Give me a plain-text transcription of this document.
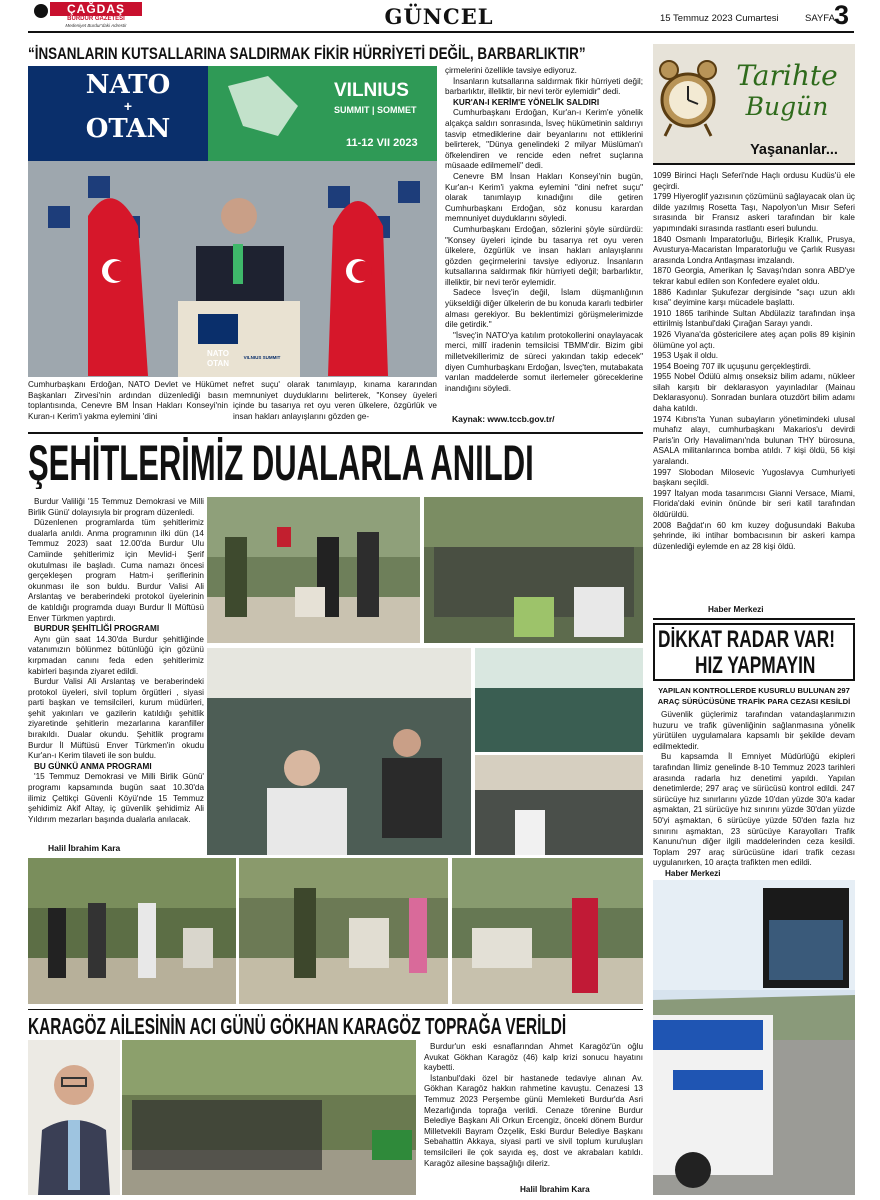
ÇAĞDAŞ
BURDUR GAZETESİ
Medeniyet Burdur'daki Adrestir	GÜNCEL	15 Temmuz 2023 Cumartesi	SAYFA 3
“İNSANLARIN KUTSALLARINA SALDIRMAK FİKİR HÜRRİYETİ DEĞİL, BARBARLIKTIR”
NATO
+
OTAN
VILNIUS
SUMMIT | SOMMET
11-12 VII 2023
NATO
OTAN
VILNIUS SUMMIT
Cumhurbaşkanı Erdoğan, NATO Devlet ve Hükümet Başkanları Zirvesi'nin ardından düzenlediği basın toplantısında, Cenevre BM İnsan Hakları Konseyi'nin Kuran-ı Kerim'i yakma eylemini 'dini
nefret suçu' olarak tanımlayıp, kınama kararından memnuniyet duyduklarını belirterek, "Konsey üyeleri içinde bu tasarıya ret oyu veren ülkelere, özgürlük ve insan hakları anlayışlarını gözden ge-

çirmelerini özellikle tavsiye ediyoruz.

İnsanların kutsallarına saldırmak fikir hürriyeti değil; barbarlıktır, illeliktir, bir nevi terör eylemidir" dedi.

KUR'AN-I KERİM'E YÖNELİK SALDIRI

Cumhurbaşkanı Erdoğan, Kur'an-ı Kerim'e yönelik alçakça saldırı sonrasında, İsveç hükümetinin saldırıyı tasvip etmediklerine dair beyanlarını not ettiklerini belirterek, "Dünya genelindeki 2 milyar Müslüman'ı öfkelendiren ve rencide eden nefret suçlarına müsaade edilmemeli" dedi.

Cenevre BM İnsan Hakları Konseyi'nin bugün, Kur'an-ı Kerim'i yakma eylemini "dini nefret suçu" olarak tanımlayıp kınadığını dile getiren Cumhurbaşkanı Erdoğan, söz konusu karardan memnuniyet duyduklarını söyledi.

Cumhurbaşkanı Erdoğan, sözlerini şöyle sürdürdü: "Konsey üyeleri içinde bu tasarıya ret oyu veren ülkelere, özgürlük ve insan hakları anlayışlarını gözden geçirmelerini tavsiye ediyoruz. İnsanların kutsallarına saldırmak fikir hürriyeti değil; barbarlıktır, illeliktir, bir nevi terör eylemidir.

Sadece İsveç'in değil, İslam düşmanlığının yükseldiği diğer ülkelerin de bu konuda kararlı tedbirler alması gerekiyor. Bu beklentimizi görüşmelerimizde dile getirdik."

"İsveç'in NATO'ya katılım protokollerini onaylayacak merci, millî iradenin temsilcisi TBMM'dir. Bizim gibi milletvekillerimiz de süreci yakından takip edecek" diyen Cumhurbaşkanı Erdoğan, İsveç'ten, mutabakata varılan maddelerde somut ilerlemeler göreceklerine inandığını söyledi.

Kaynak: www.tccb.gov.tr/
Tarihte
Bugün
Yaşananlar...

1099 Birinci Haçlı Seferi'nde Haçlı ordusu Kudüs'ü ele geçirdi.

1799 Hiyeroglif yazısının çözümünü sağlayacak olan üç dilde yazılmış Rosetta Taşı, Napolyon'un Mısır Seferi sırasında bir Fransız askeri tarafından bir kale yapımındaki sırasında rastlantı eseri bulundu.

1840 Osmanlı İmparatorluğu, Birleşik Krallık, Prusya, Avusturya-Macaristan İmparatorluğu ve Çarlık Rusyası arasında Londra Antlaşması imzalandı.

1870 Georgia, Amerikan İç Savaşı'ndan sonra ABD'ye tekrar kabul edilen son Konfedere eyalet oldu.

1886 Kadınlar Şukufezar dergisinde "saçı uzun aklı kısa" deyimine karşı mücadele başlattı.

1910 1865 tarihinde Sultan Abdülaziz tarafından inşa ettirilmiş İstanbul'daki Çırağan Sarayı yandı.

1926 Viyana'da göstericilere ateş açan polis 89 kişinin ölümüne yol açtı.

1953 Uşak il oldu.

1954 Boeing 707 ilk uçuşunu gerçekleştirdi.

1955 Nobel Ödülü almış onseksiz bilim adamı, nükleer silah karşıtı bir deklarasyon yayınladılar (Mainau Deklarasyonu). Sonradan bunlara otuzdört bilim adamı daha katıldı.

1974 Kıbrıs'ta Yunan subayların yönetimindeki ulusal muhafız alayı, cumhurbaşkanı Makarios'u devirdi Paris'in Orly Havalimanı'nda bulunan THY bürosuna, ASALA militanlarınca bomba atıldı. 7 kişi öldü, 56 kişi yaralandı.

1997 Slobodan Milosevic Yugoslavya Cumhuriyeti başkanı seçildi.

1997 İtalyan moda tasarımcısı Gianni Versace, Miami, Florida'daki evinin önünde bir seri katil tarafından öldürüldü.

2008 Bağdat'ın 60 km kuzey doğusundaki Bakuba şehrinde, iki intihar bombacısının bir askeri kampa düzenlediği eylemde en az 28 kişi öldü.

Haber Merkezi
ŞEHİTLERİMİZ DUALARLA ANILDI

Burdur Valiliği '15 Temmuz Demokrasi ve Milli Birlik Günü' dolayısıyla bir program düzenledi.

Düzenlenen programlarda tüm şehitlerimiz dualarla anıldı. Anma programının ilki dün (14 Temmuz 2023) saat 12.00'da Burdur Ulu Camiinde şehitlerimiz için Mevlid-i Şerif okutulması ile başladı. Cuma namazı öncesi gerçekleşen program Hatm-i şeriflerinin okunması ile son buldu. Burdur Valisi Ali Arslantaş ve beraberindeki protokol üyelerinin de katıldığı programda duayı Burdur İl Müftüsü Enver Türkmen yaptırdı.

BURDUR ŞEHİTLİĞİ PROGRAMI

Aynı gün saat 14.30'da Burdur şehitliğinde vatanımızın bölünmez bütünlüğü için gözünü kırpmadan canını feda eden şehitlerimiz kabirleri başında ziyaret edildi.

Burdur Valisi Ali Arslantaş ve beraberindeki protokol üyeleri, sivil toplum örgütleri , siyasi parti başkan ve temsilcileri, kurum müdürleri, şehit yakınları ve gazilerin katıldığı şehitlik ziyaretinde şehitlerin mezarlarına karanfiller bırakıldı. Dualar okundu. Şehitlik programı Burdur İl Müftüsü Enver Türkmen'in okudu Kur'an-ı Kerim tilaveti ile son buldu.

BU GÜNKÜ ANMA PROGRAMI

'15 Temmuz Demokrasi ve Milli Birlik Günü' programı kapsamında bugün saat 10.30'da ilimiz Çeltikçi Güvenli Köyü'nde 15 Temmuz şehidimiz Akif Altay, iç güvenlik şehidimiz Ali Yıldırım mezarları başında dualarla anılacak.

Halil İbrahim Kara
DİKKAT RADAR VAR!
HIZ YAPMAYIN
YAPILAN KONTROLLERDE KUSURLU BULUNAN 297 ARAÇ SÜRÜCÜSÜNE TRAFİK PARA CEZASI KESİLDİ

Güvenlik güçlerimiz tarafından vatandaşlarımızın huzuru ve trafik güvenliğinin sağlanmasına yönelik yürütülen uygulamalara kapsamlı bir şekilde devam edilmektedir.

Bu kapsamda İl Emniyet Müdürlüğü ekipleri tarafından İlimiz genelinde 8-10 Temmuz 2023 tarihleri arasında radarla hız denetimi yapıldı. Yapılan denetimlerde; 297 araç ve sürücüsü kontrol edildi. 247 sürücüye hız sınırlarını yüzde 10'dan yüzde 30'a kadar aşmaktan, 21 sürücüye hız sınırını yüzde 30'dan yüzde 50'yi aşmaktan, 6 sürücüye yüzde 50'den fazla hız sınırını aşmaktan, 23 sürücüye Karayolları Trafik Kanunu'nun diğer ilgili maddelerinden ceza kesildi. Toplam 297 araç sürücüsüne idari trafik cezası uygulanırken, 10 araçta trafikten men edildi.

Haber Merkezi
KARAGÖZ AİLESİNİN ACI GÜNÜ GÖKHAN KARAGÖZ TOPRAĞA VERİLDİ

Burdur'un eski esnaflarından Ahmet Karagöz'ün oğlu Avukat Gökhan Karagöz (46) kalp krizi sonucu hayatını kaybetti.

İstanbul'daki özel bir hastanede tedaviye alınan Av. Gökhan Karagöz hakkın rahmetine kavuştu. Cenazesi 13 Temmuz 2023 Perşembe günü Memleketi Burdur'da Asri Mezarlığında toprağa verildi. Cenaze törenine Burdur Belediye Başkanı Ali Orkun Ercengiz, önceki dönem Burdur Milletvekili Bayram Özçelik, Eski Burdur Belediye Başkanı Sebahattin Akkaya, siyasi parti ve sivil toplum kuruluşları temsilcileri ile çok sayıda eş, dost ve akrabaları katıldı. Karagöz ailesine başsağlığı dileriz.

Halil İbrahim Kara
